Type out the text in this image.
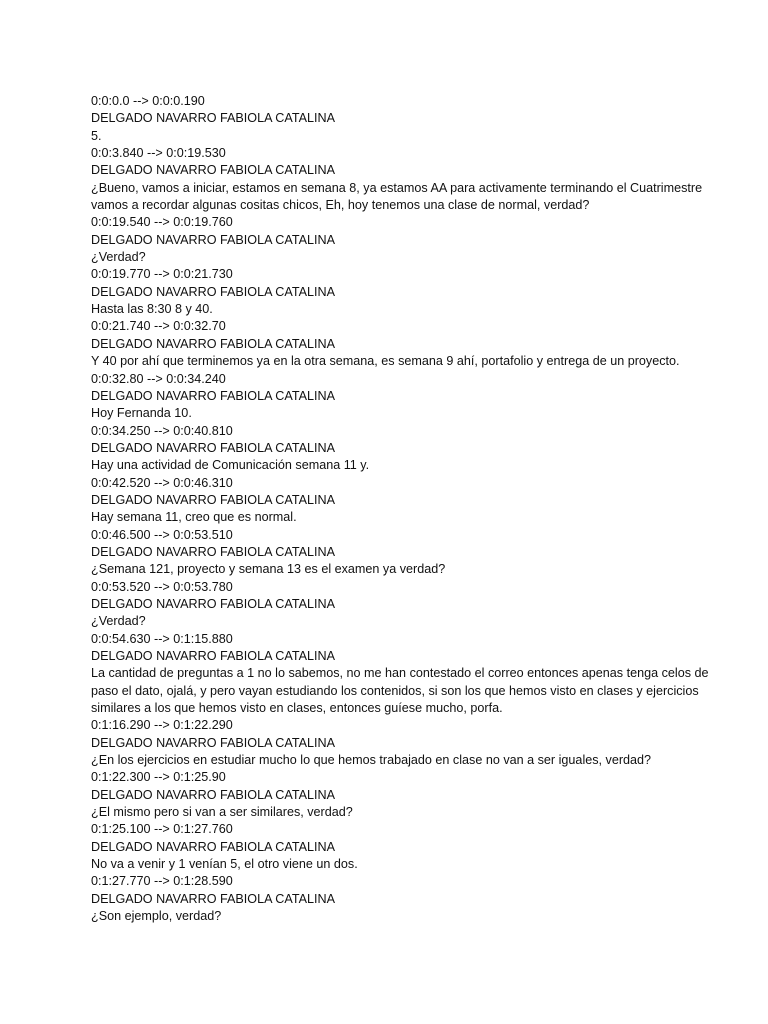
0:0:0.0 --> 0:0:0.190
DELGADO NAVARRO FABIOLA CATALINA
5.
0:0:3.840 --> 0:0:19.530
DELGADO NAVARRO FABIOLA CATALINA
¿Bueno, vamos a iniciar, estamos en semana 8, ya estamos AA para activamente terminando el Cuatrimestre vamos a recordar algunas cositas chicos, Eh, hoy tenemos una clase de normal, verdad?
0:0:19.540 --> 0:0:19.760
DELGADO NAVARRO FABIOLA CATALINA
¿Verdad?
0:0:19.770 --> 0:0:21.730
DELGADO NAVARRO FABIOLA CATALINA
Hasta las 8:30 8 y 40.
0:0:21.740 --> 0:0:32.70
DELGADO NAVARRO FABIOLA CATALINA
Y 40 por ahí que terminemos ya en la otra semana, es semana 9 ahí, portafolio y entrega de un proyecto.
0:0:32.80 --> 0:0:34.240
DELGADO NAVARRO FABIOLA CATALINA
Hoy Fernanda 10.
0:0:34.250 --> 0:0:40.810
DELGADO NAVARRO FABIOLA CATALINA
Hay una actividad de Comunicación semana 11 y.
0:0:42.520 --> 0:0:46.310
DELGADO NAVARRO FABIOLA CATALINA
Hay semana 11, creo que es normal.
0:0:46.500 --> 0:0:53.510
DELGADO NAVARRO FABIOLA CATALINA
¿Semana 121, proyecto y semana 13 es el examen ya verdad?
0:0:53.520 --> 0:0:53.780
DELGADO NAVARRO FABIOLA CATALINA
¿Verdad?
0:0:54.630 --> 0:1:15.880
DELGADO NAVARRO FABIOLA CATALINA
La cantidad de preguntas a 1 no lo sabemos, no me han contestado el correo entonces apenas tenga celos de paso el dato, ojalá, y pero vayan estudiando los contenidos, si son los que hemos visto en clases y ejercicios similares a los que hemos visto en clases, entonces guíese mucho, porfa.
0:1:16.290 --> 0:1:22.290
DELGADO NAVARRO FABIOLA CATALINA
¿En los ejercicios en estudiar mucho lo que hemos trabajado en clase no van a ser iguales, verdad?
0:1:22.300 --> 0:1:25.90
DELGADO NAVARRO FABIOLA CATALINA
¿El mismo pero si van a ser similares, verdad?
0:1:25.100 --> 0:1:27.760
DELGADO NAVARRO FABIOLA CATALINA
No va a venir y 1 venían 5, el otro viene un dos.
0:1:27.770 --> 0:1:28.590
DELGADO NAVARRO FABIOLA CATALINA
¿Son ejemplo, verdad?
